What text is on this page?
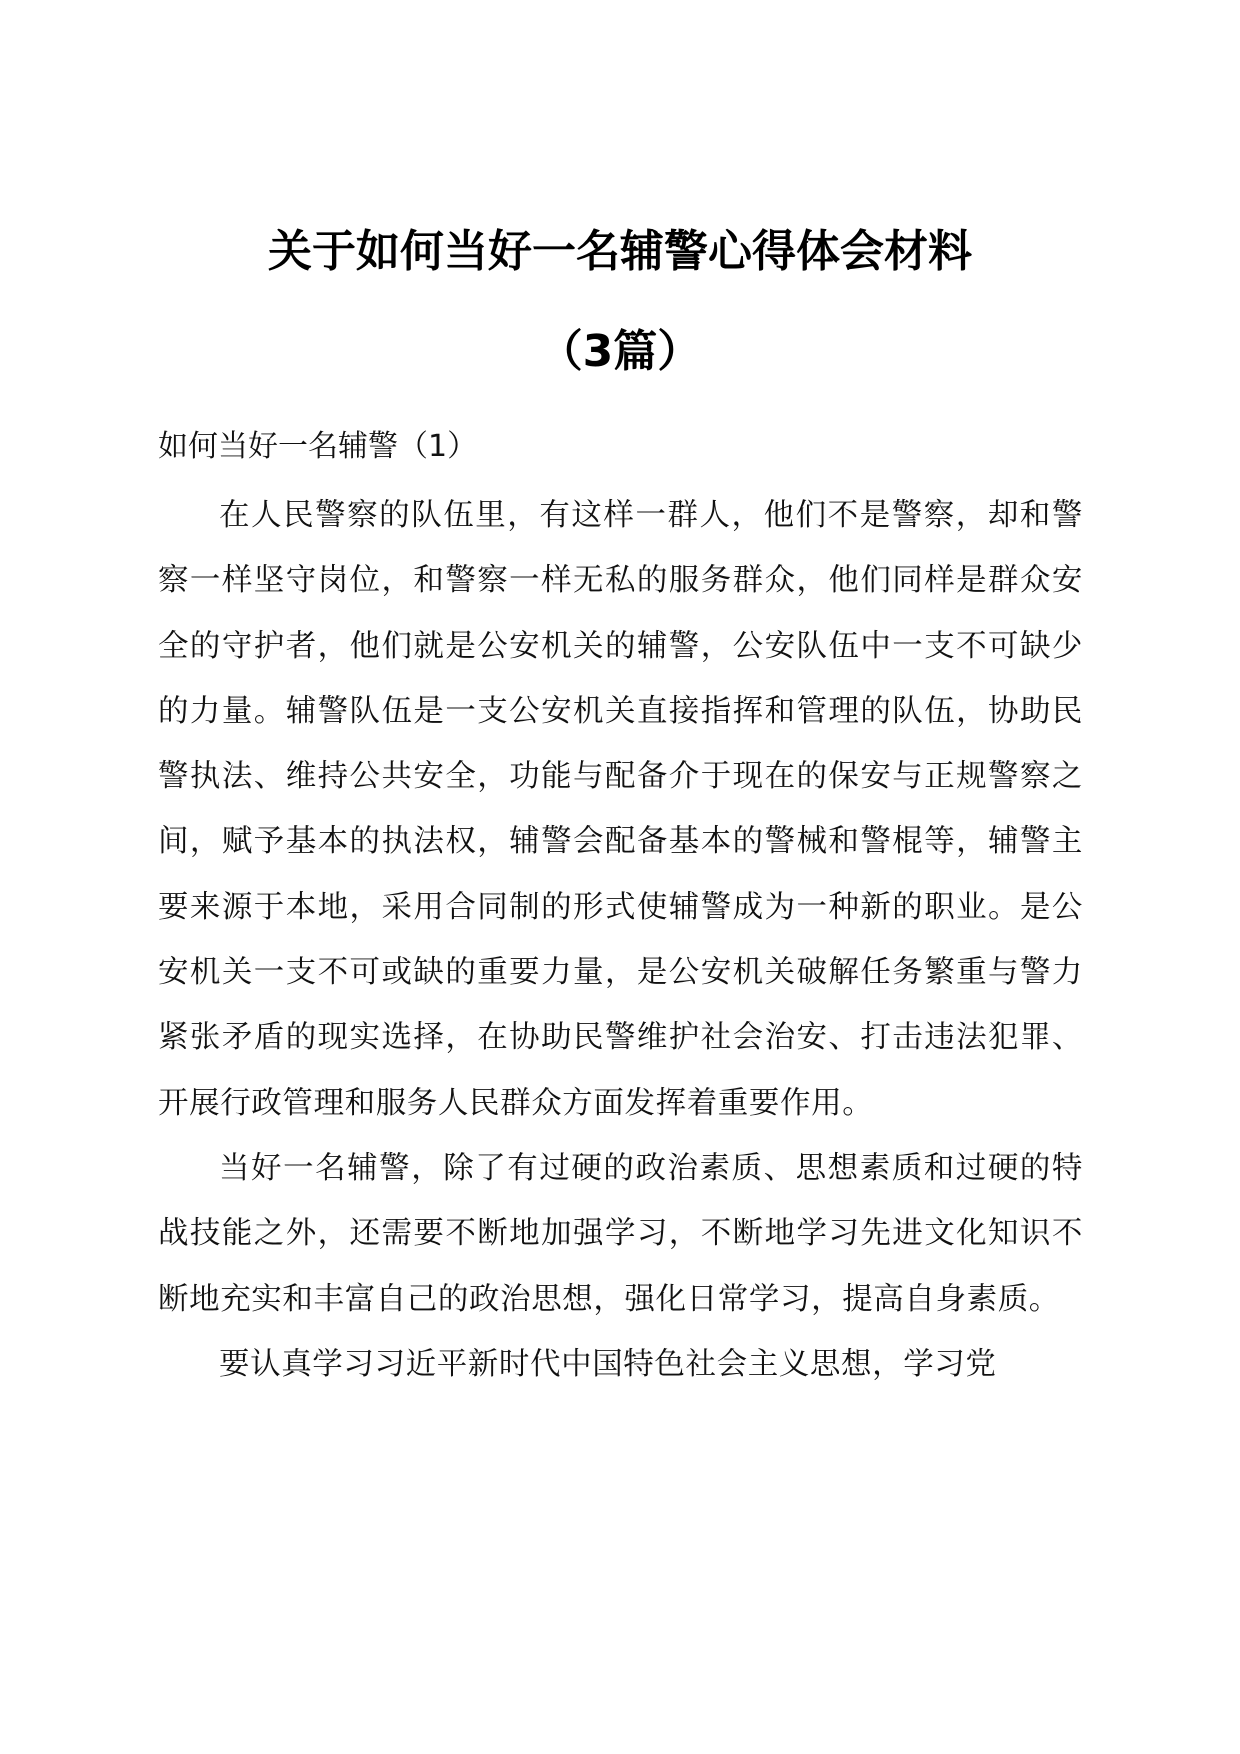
关于如何当好一名辅警心得体会材料
（3篇）
如何当好一名辅警（1）

在人民警察的队伍里，有这样一群人，他们不是警察，却和警察一样坚守岗位，和警察一样无私的服务群众，他们同样是群众安全的守护者，他们就是公安机关的辅警，公安队伍中一支不可缺少的力量。辅警队伍是一支公安机关直接指挥和管理的队伍，协助民警执法、维持公共安全，功能与配备介于现在的保安与正规警察之间，赋予基本的执法权，辅警会配备基本的警械和警棍等，辅警主要来源于本地，采用合同制的形式使辅警成为一种新的职业。是公安机关一支不可或缺的重要力量，是公安机关破解任务繁重与警力紧张矛盾的现实选择，在协助民警维护社会治安、打击违法犯罪、开展行政管理和服务人民群众方面发挥着重要作用。

当好一名辅警，除了有过硬的政治素质、思想素质和过硬的特战技能之外，还需要不断地加强学习，不断地学习先进文化知识不断地充实和丰富自己的政治思想，强化日常学习，提高自身素质。

要认真学习习近平新时代中国特色社会主义思想，学习党
